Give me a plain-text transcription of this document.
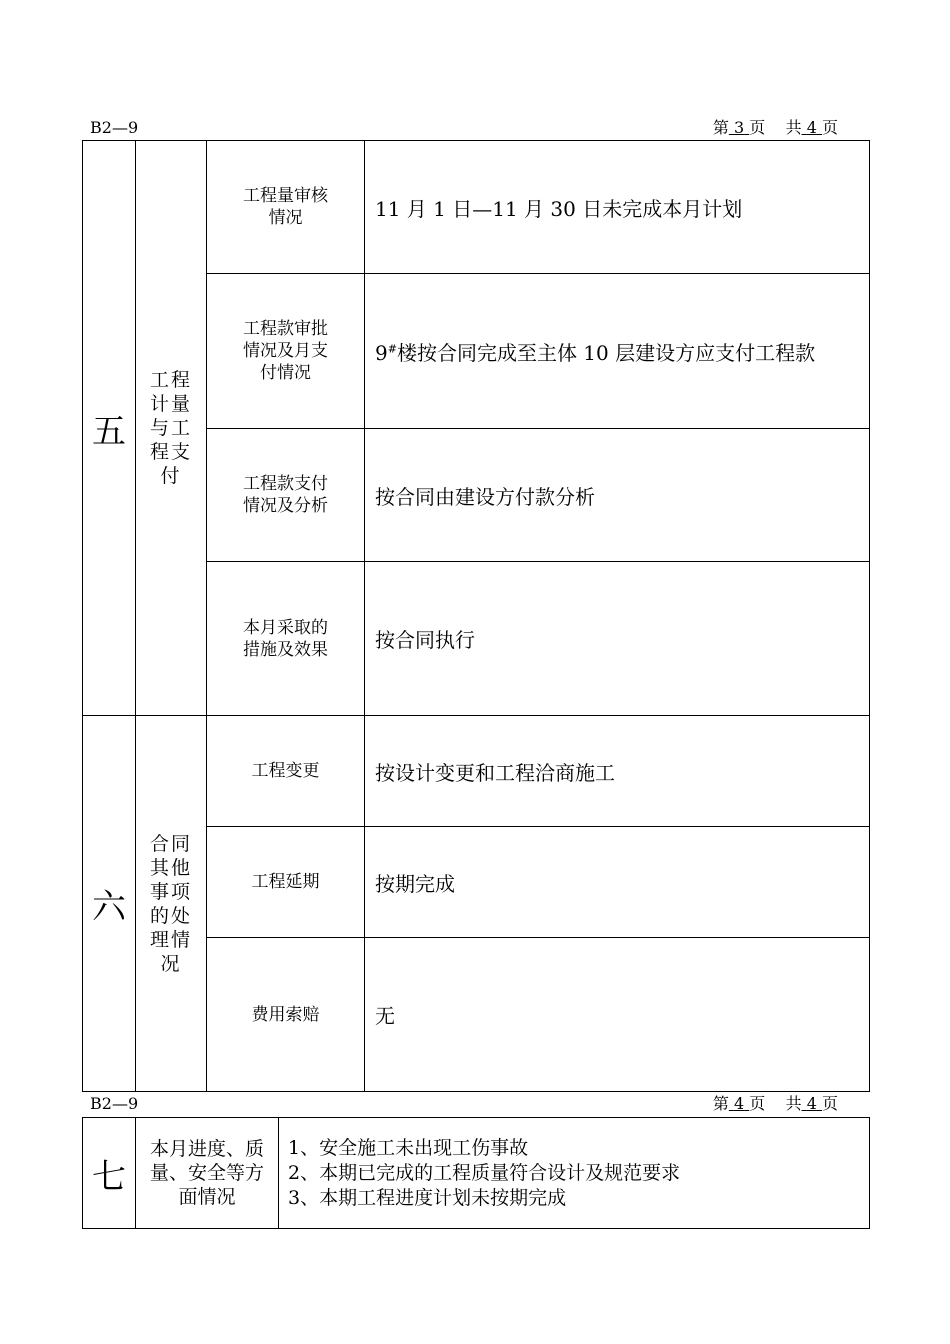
B2—9	第 3 页 共 4 页
五	工程计量与工程支付	工程量审核情况	11 月 1 日—11 月 30 日未完成本月计划
		工程款审批情况及月支付情况	9#楼按合同完成至主体 10 层建设方应支付工程款
		工程款支付情况及分析	按合同由建设方付款分析
		本月采取的措施及效果	按合同执行
六	合同其他事项的处理情况	工程变更	按设计变更和工程洽商施工
		工程延期	按期完成
		费用索赔	无
B2—9	第 4 页 共 4 页
七	本月进度、质量、安全等方面情况	
1、安全施工未出现工伤事故
2、本期已完成的工程质量符合设计及规范要求
3、本期工程进度计划未按期完成
